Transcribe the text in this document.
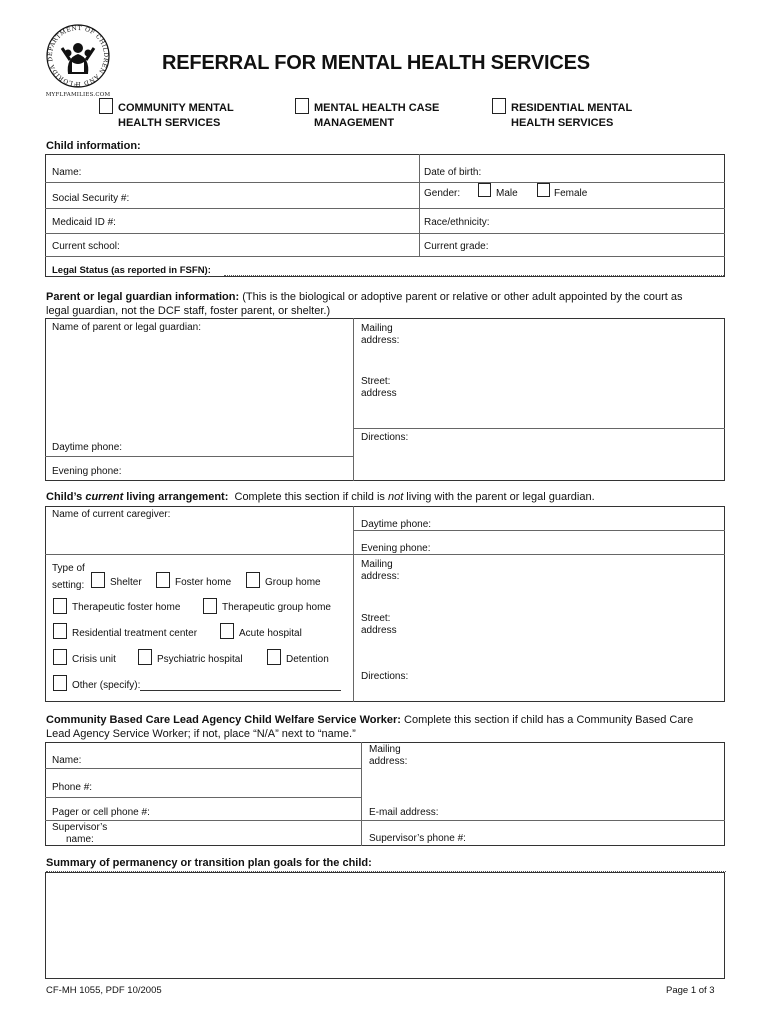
FLORIDA DEPARTMENT OF CHILDREN AND F
MYFLFAMILIES.COM
REFERRAL FOR MENTAL HEALTH SERVICES
COMMUNITY MENTAL
HEALTH SERVICES
MENTAL HEALTH CASE
MANAGEMENT
RESIDENTIAL MENTAL
HEALTH SERVICES
Child information:
Name:	Date of birth:
Social Security #:	Gender:	Male	Female
Medicaid ID #:	Race/ethnicity:
Current school:	Current grade:
Legal Status (as reported in FSFN):
Parent or legal guardian information: (This is the biological or adoptive parent or relative or other adult appointed by the court as
legal guardian, not the DCF staff, foster parent, or shelter.)
Name of parent or legal guardian:	Mailing
address:
Street:
address
Directions:
Daytime phone:
Evening phone:
Child’s current living arrangement: Complete this section if child is not living with the parent or legal guardian.
Name of current caregiver:
Daytime phone:
Evening phone:
Type of
setting:	Shelter	Foster home	Group home
Therapeutic foster home	Therapeutic group home
Residential treatment center	Acute hospital
Crisis unit	Psychiatric hospital	Detention
Other (specify):
Mailing
address:
Street:
address
Directions:
Community Based Care Lead Agency Child Welfare Service Worker: Complete this section if child has a Community Based Care
Lead Agency Service Worker; if not, place “N/A” next to “name.”
Name:
Mailing
address:
Phone #:
Pager or cell phone #:	E-mail address:
Supervisor’s
name:	Supervisor’s phone #:
Summary of permanency or transition plan goals for the child:
CF-MH 1055, PDF 10/2005	Page 1 of 3
